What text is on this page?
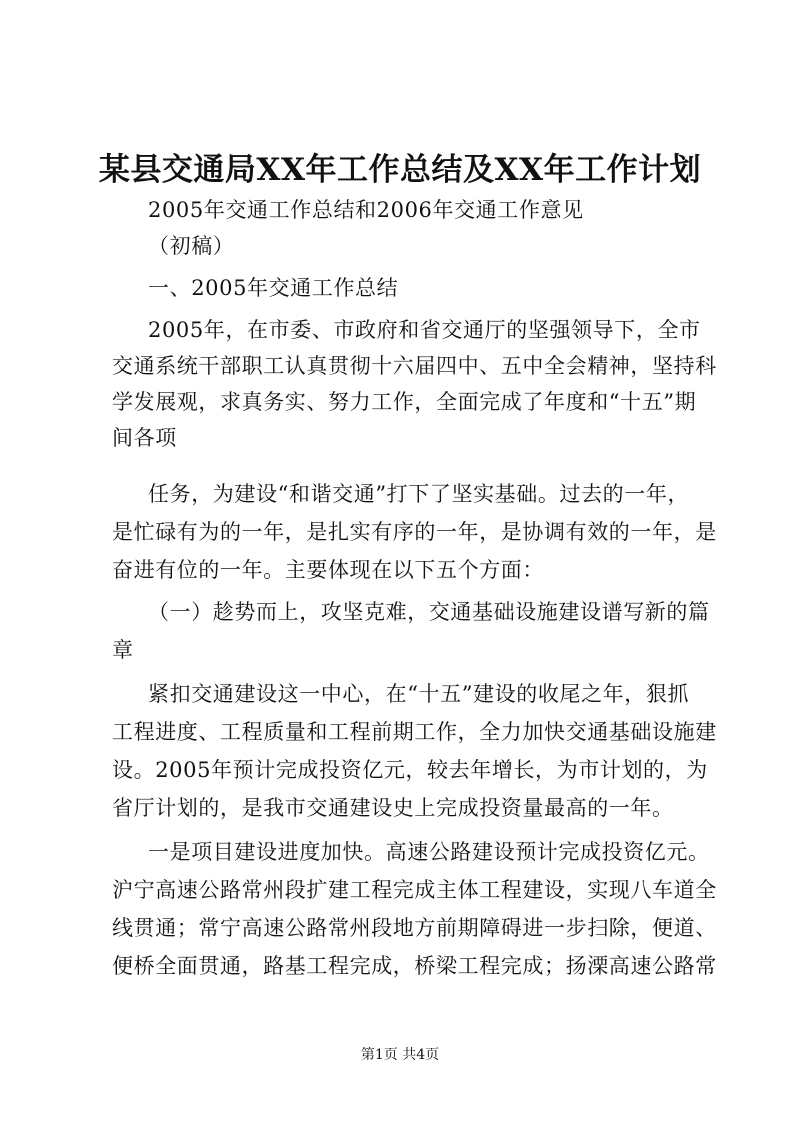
某县交通局XX年工作总结及XX年工作计划
2005年交通工作总结和2006年交通工作意见
（初稿）
一、2005年交通工作总结
2005年，在市委、市政府和省交通厅的坚强领导下，全市
交通系统干部职工认真贯彻十六届四中、五中全会精神，坚持科
学发展观，求真务实、努力工作，全面完成了年度和“十五”期
间各项
任务，为建设“和谐交通”打下了坚实基础。过去的一年，
是忙碌有为的一年，是扎实有序的一年，是协调有效的一年，是
奋进有位的一年。主要体现在以下五个方面：
（一）趁势而上，攻坚克难，交通基础设施建设谱写新的篇
章
紧扣交通建设这一中心，在“十五”建设的收尾之年，狠抓
工程进度、工程质量和工程前期工作，全力加快交通基础设施建
设。2005年预计完成投资亿元，较去年增长，为市计划的，为
省厅计划的，是我市交通建设史上完成投资量最高的一年。
一是项目建设进度加快。高速公路建设预计完成投资亿元。
沪宁高速公路常州段扩建工程完成主体工程建设，实现八车道全
线贯通；常宁高速公路常州段地方前期障碍进一步扫除，便道、
便桥全面贯通，路基工程完成，桥梁工程完成；扬溧高速公路常
第1页 共4页
